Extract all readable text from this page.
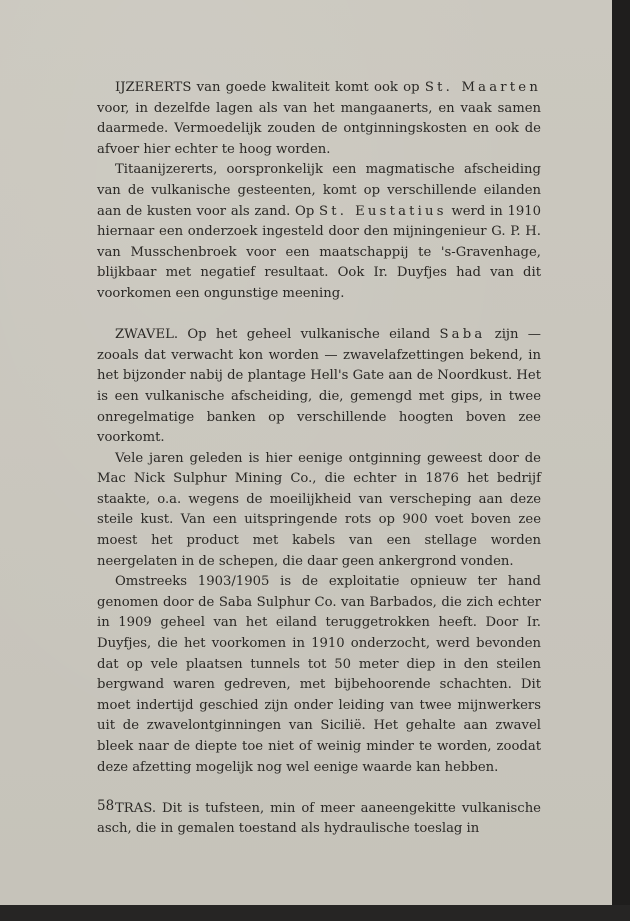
IJZERERTS van goede kwaliteit komt ook op St. Maarten voor, in dezelfde lagen als van het mangaanerts, en vaak samen daarmede. Vermoedelijk zouden de ontginningskosten en ook de afvoer hier echter te hoog worden.

Titaanijzererts, oorspronkelijk een magmatische afscheiding van de vulkanische gesteenten, komt op verschillende eilanden aan de kusten voor als zand. Op St. Eustatius werd in 1910 hiernaar een onderzoek ingesteld door den mijningenieur G. P. H. van Musschenbroek voor een maatschappij te 's-Gravenhage, blijkbaar met negatief resultaat. Ook Ir. Duyfjes had van dit voorkomen een ongunstige meening.

ZWAVEL. Op het geheel vulkanische eiland Saba zijn — zooals dat verwacht kon worden — zwavelafzettingen bekend, in het bijzonder nabij de plantage Hell's Gate aan de Noordkust. Het is een vulkanische afscheiding, die, gemengd met gips, in twee onregelmatige banken op verschillende hoogten boven zee voorkomt.

Vele jaren geleden is hier eenige ontginning geweest door de Mac Nick Sulphur Mining Co., die echter in 1876 het bedrijf staakte, o.a. wegens de moeilijkheid van verscheping aan deze steile kust. Van een uitspringende rots op 900 voet boven zee moest het product met kabels van een stellage worden neergelaten in de schepen, die daar geen ankergrond vonden.

Omstreeks 1903/1905 is de exploitatie opnieuw ter hand genomen door de Saba Sulphur Co. van Barbados, die zich echter in 1909 geheel van het eiland teruggetrokken heeft. Door Ir. Duyfjes, die het voorkomen in 1910 onderzocht, werd bevonden dat op vele plaatsen tunnels tot 50 meter diep in den steilen bergwand waren gedreven, met bijbehoorende schachten. Dit moet indertijd geschied zijn onder leiding van twee mijnwerkers uit de zwavelontginningen van Sicilië. Het gehalte aan zwavel bleek naar de diepte toe niet of weinig minder te worden, zoodat deze afzetting mogelijk nog wel eenige waarde kan hebben.

TRAS. Dit is tufsteen, min of meer aaneengekitte vulkanische asch, die in gemalen toestand als hydraulische toeslag in

58
